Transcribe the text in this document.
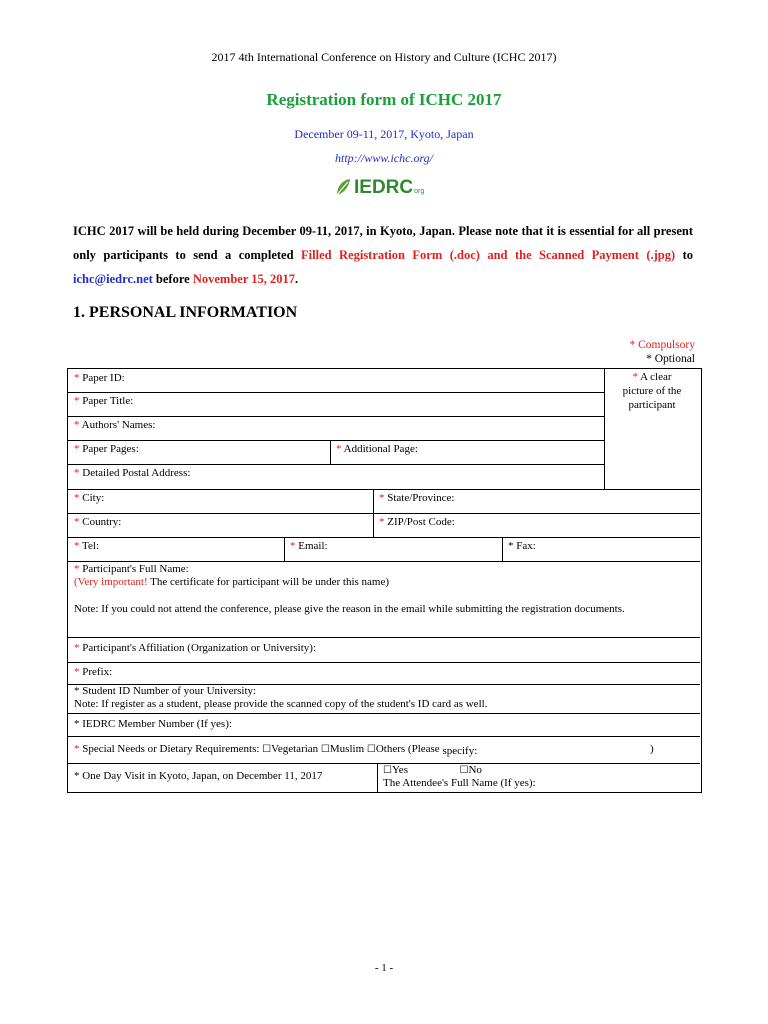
2017 4th International Conference on History and Culture (ICHC 2017)
Registration form of ICHC 2017
December 09-11, 2017, Kyoto, Japan
http://www.ichc.org/
IEDRC org
ICHC 2017 will be held during December 09-11, 2017, in Kyoto, Japan. Please note that it is essential for all present only participants to send a completed Filled Registration Form (.doc) and the Scanned Payment (.jpg) to ichc@iedrc.net before November 15, 2017.
1. PERSONAL INFORMATION
* Compulsory
* Optional
* Paper ID:	* A clear
picture of the
participant
* Paper Title:
* Authors' Names:
* Paper Pages:	* Additional Page:
* Detailed Postal Address:
* City:	* State/Province:
* Country:	* ZIP/Post Code:
* Tel:	* Email:	* Fax:
* Participant's Full Name:
(Very important! The certificate for participant will be under this name)
Note: If you could not attend the conference, please give the reason in the email while submitting the registration documents.
* Participant's Affiliation (Organization or University):
* Prefix:
* Student ID Number of your University:
Note: If register as a student, please provide the scanned copy of the student's ID card as well.
* IEDRC Member Number (If yes):
* Special Needs or Dietary Requirements: ☐Vegetarian ☐Muslim ☐Others (Please specify:	)
* One Day Visit in Kyoto, Japan, on December 11, 2017	☐Yes	☐No
The Attendee's Full Name (If yes):
- 1 -
